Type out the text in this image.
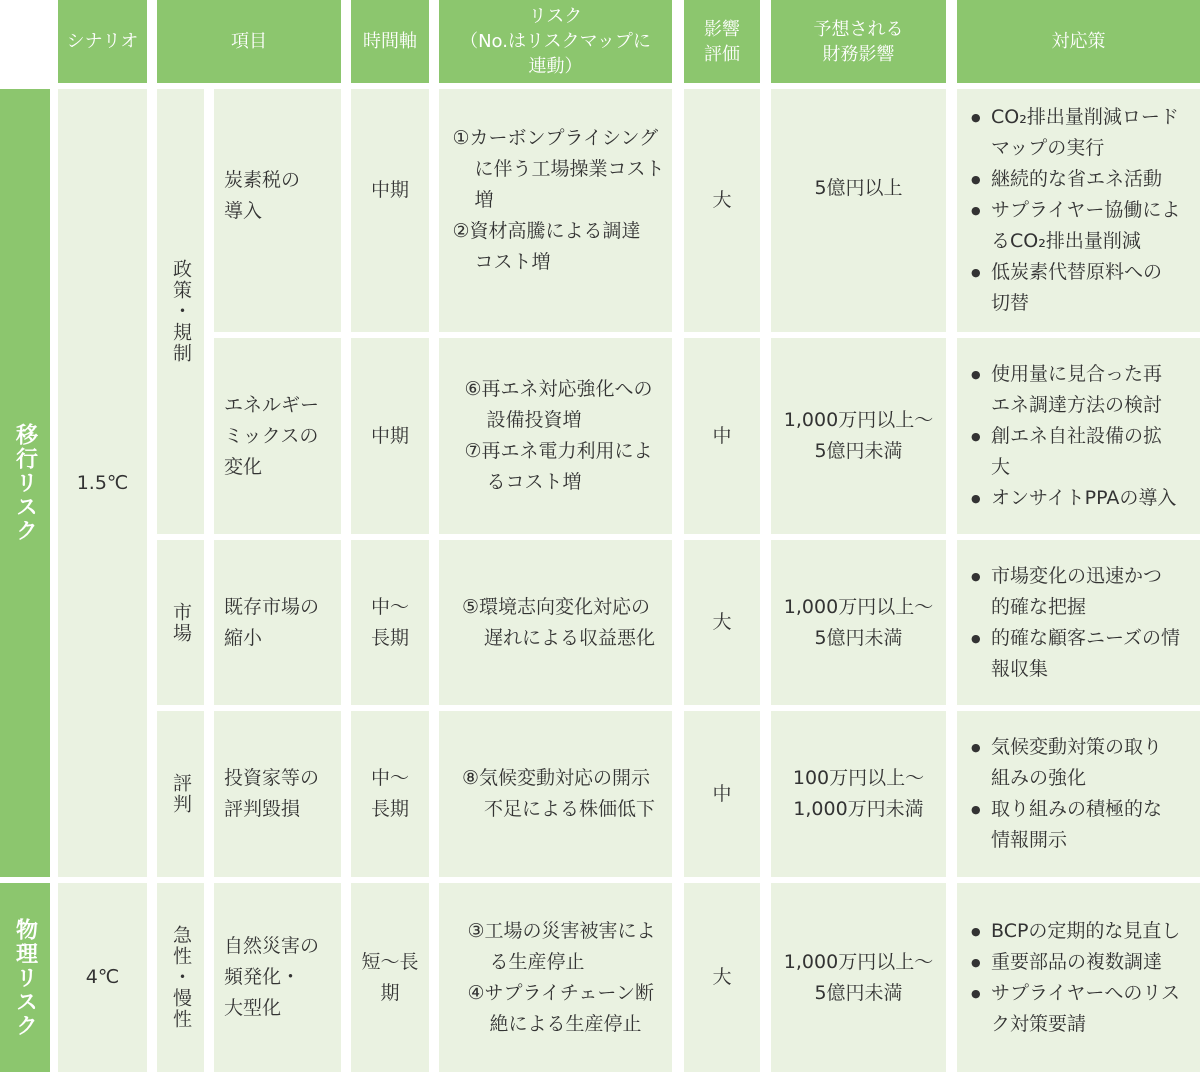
シナリオ	項目	時間軸
リスク
（No.はリスクマップに
連動）
影響
評価
予想される
財務影響
対応策
移行リスク
物理リスク
1.5℃
4℃
政策・規制
市場
評判
急性・慢性
炭素税の
導入
中期
①カーボンプライシング
に伴う工場操業コスト
増
②資材高騰による調達
コスト増
大
5億円以上
● CO₂排出量削減ロード
マップの実行
● 継続的な省エネ活動
● サプライヤー協働によ
るCO₂排出量削減
● 低炭素代替原料への
切替
エネルギー
ミックスの
変化
中期
⑥再エネ対応強化への
設備投資増
⑦再エネ電力利用によ
るコスト増
中
1,000万円以上～
5億円未満
● 使用量に見合った再
エネ調達方法の検討
● 創エネ自社設備の拡
大
● オンサイトPPAの導入
既存市場の
縮小
中～
長期
⑤環境志向変化対応の
遅れによる収益悪化
大
1,000万円以上～
5億円未満
● 市場変化の迅速かつ
的確な把握
● 的確な顧客ニーズの情
報収集
投資家等の
評判毀損
中～
長期
⑧気候変動対応の開示
不足による株価低下
中
100万円以上～
1,000万円未満
● 気候変動対策の取り
組みの強化
● 取り組みの積極的な
情報開示
自然災害の
頻発化・
大型化
短～長
期
③工場の災害被害によ
る生産停止
④サプライチェーン断
絶による生産停止
大
1,000万円以上～
5億円未満
● BCPの定期的な見直し
● 重要部品の複数調達
● サプライヤーへのリス
ク対策要請
